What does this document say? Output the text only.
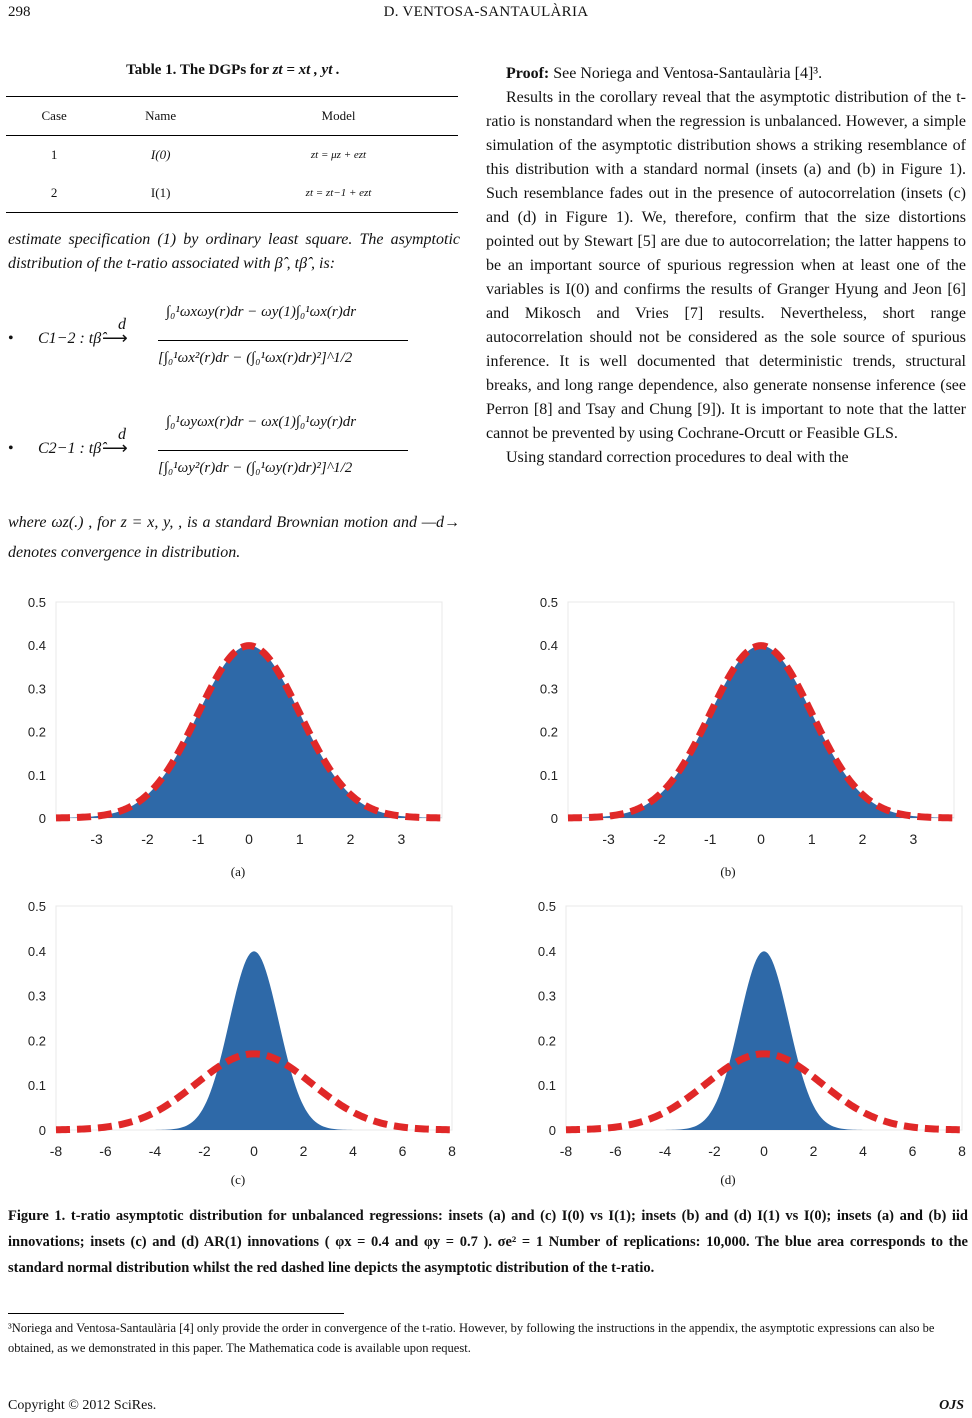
298	D. VENTOSA-SANTAULÀRIA
Table 1. The DGPs for zt = xt , yt .
Case	Name	Model
1	I(0)	zt = μz + ezt
2	I(1)	zt = zt−1 + ezt
estimate specification (1) by ordinary least square. The asymptotic distribution of the t-ratio associated with β̂ , tβ̂ , is:
• C1−2 : tβ̂
d
⟶
∫₀¹ωxωy(r)dr − ωy(1)∫₀¹ωx(r)dr
[∫₀¹ωx²(r)dr − (∫₀¹ωx(r)dr)²]^1/2
• C2−1 : tβ̂
d
⟶
∫₀¹ωyωx(r)dr − ωx(1)∫₀¹ωy(r)dr
[∫₀¹ωy²(r)dr − (∫₀¹ωy(r)dr)²]^1/2
where ωz(.) , for z = x, y, , is a standard Brownian motion and —d→ denotes convergence in distribution.

Proof: See Noriega and Ventosa-Santaulària [4]³.

Results in the corollary reveal that the asymptotic distribution of the t-ratio is nonstandard when the regression is unbalanced. However, a simple simulation of the asymptotic distribution shows a striking resemblance of this distribution with a standard normal (insets (a) and (b) in Figure 1). Such resemblance fades out in the presence of autocorrelation (insets (c) and (d) in Figure 1). We, therefore, confirm that the size distortions pointed out by Stewart [5] are due to autocorrelation; the latter happens to be an important source of spurious regression when at least one of the variables is I(0) and confirms the results of Granger Hyung and Jeon [6] and Mikosch and Vries [7] results. Nevertheless, short range autocorrelation should not be considered as the sole source of spurious inference. It is well documented that deterministic trends, structural breaks, and long range dependence, also generate nonsense inference (see Perron [8] and Tsay and Chung [9]). It is important to note that the latter cannot be prevented by using Cochrane-Orcutt or Feasible GLS.

Using standard correction procedures to deal with the

0
0.1
0.2
0.3
0.4
0.5
-3	-2	-1	0	1	2	3
0
0.1
0.2
0.3
0.4
0.5
-3	-2	-1	0	1	2	3
(a)	(b)
0
0.1
0.2
0.3
0.4
0.5
-8	-6	-4	-2	0	2	4	6	8
0
0.1
0.2
0.3
0.4
0.5
-8	-6	-4	-2	0	2	4	6	8
(c)	(d)
Figure 1. t-ratio asymptotic distribution for unbalanced regressions: insets (a) and (c) I(0) vs I(1); insets (b) and (d) I(1) vs I(0); insets (a) and (b) iid innovations; insets (c) and (d) AR(1) innovations ( φx = 0.4 and φy = 0.7 ). σe² = 1 Number of replications: 10,000. The blue area corresponds to the standard normal distribution whilst the red dashed line depicts the asymptotic distribution of the t-ratio.
³Noriega and Ventosa-Santaulària [4] only provide the order in convergence of the t-ratio. However, by following the instructions in the appendix, the asymptotic expressions can also be obtained, as we demonstrated in this paper. The Mathematica code is available upon request.
Copyright © 2012 SciRes.	OJS
